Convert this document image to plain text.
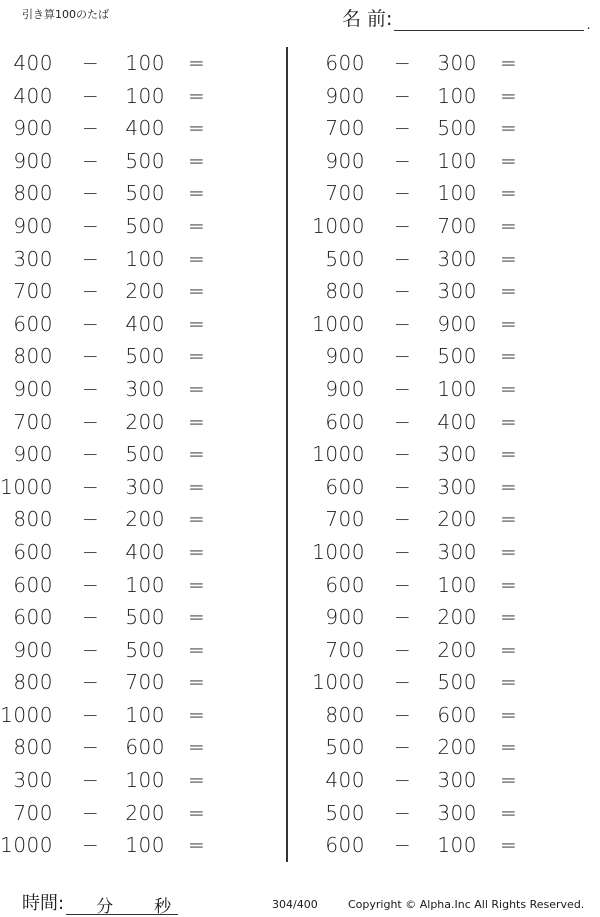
引き算100のたば	名 前:	.
400 − 100 =
400 − 100 =
900 − 400 =
900 − 500 =
800 − 500 =
900 − 500 =
300 − 100 =
700 − 200 =
600 − 400 =
800 − 500 =
900 − 300 =
700 − 200 =
900 − 500 =
1000 − 300 =
800 − 200 =
600 − 400 =
600 − 100 =
600 − 500 =
900 − 500 =
800 − 700 =
1000 − 100 =
800 − 600 =
300 − 100 =
700 − 200 =
1000 − 100 =
600 − 300 =
900 − 100 =
700 − 500 =
900 − 100 =
700 − 100 =
1000 − 700 =
500 − 300 =
800 − 300 =
1000 − 900 =
900 − 500 =
900 − 100 =
600 − 400 =
1000 − 300 =
600 − 300 =
700 − 200 =
1000 − 300 =
600 − 100 =
900 − 200 =
700 − 200 =
1000 − 500 =
800 − 600 =
500 − 200 =
400 − 300 =
500 − 300 =
600 − 100 =
時間: 分 秒	304/400	Copyright © Alpha.Inc All Rights Reserved.
